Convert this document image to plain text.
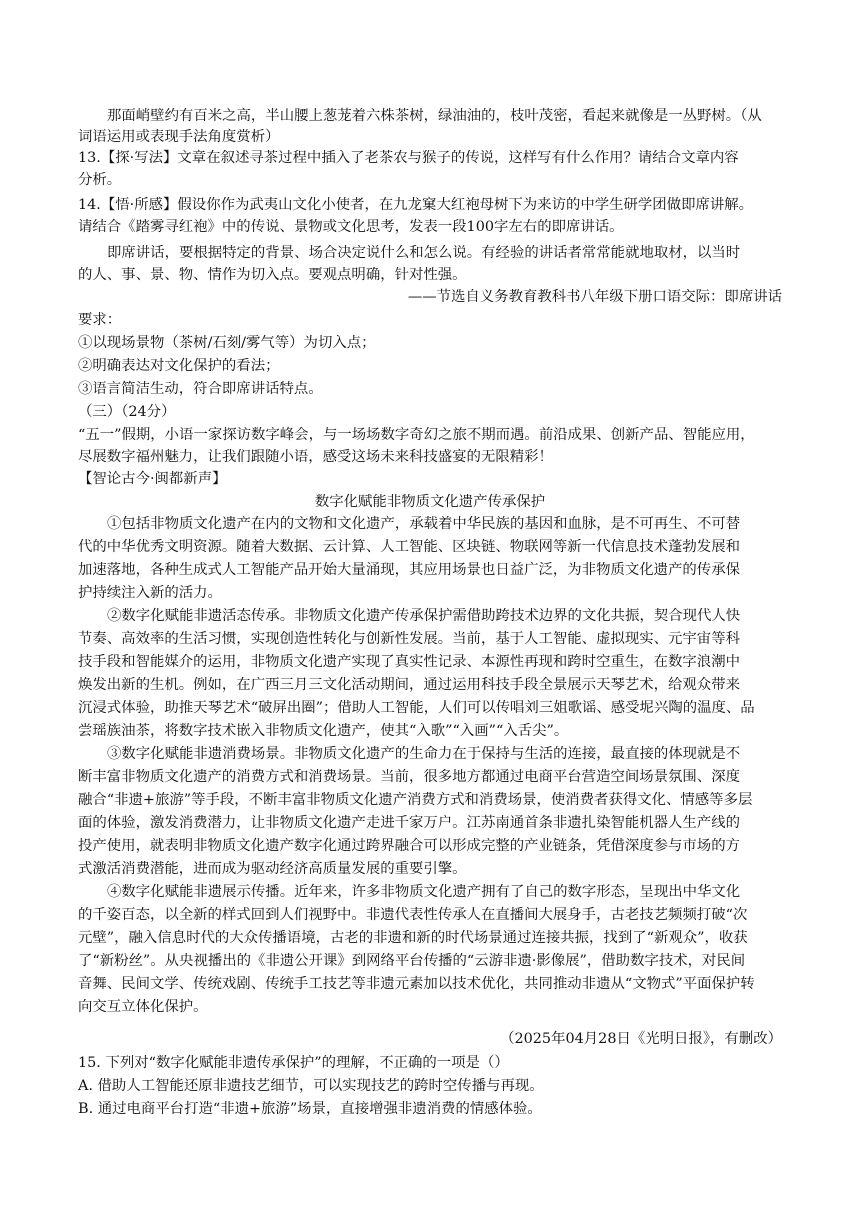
那面峭壁约有百米之高，半山腰上葱茏着六株茶树，绿油油的，枝叶茂密，看起来就像是一丛野树。（从
词语运用或表现手法角度赏析）
13.【探·写法】文章在叙述寻茶过程中插入了老茶农与猴子的传说，这样写有什么作用？请结合文章内容
分析。
14.【悟·所感】假设你作为武夷山文化小使者，在九龙窠大红袍母树下为来访的中学生研学团做即席讲解。
请结合《踏雾寻红袍》中的传说、景物或文化思考，发表一段100字左右的即席讲话。
即席讲话，要根据特定的背景、场合决定说什么和怎么说。有经验的讲话者常常能就地取材，以当时
的人、事、景、物、情作为切入点。要观点明确，针对性强。
——节选自义务教育教科书八年级下册口语交际：即席讲话
要求：
①以现场景物（茶树/石刻/雾气等）为切入点；
②明确表达对文化保护的看法；
③语言简洁生动，符合即席讲话特点。
（三）（24分）
“五一”假期，小语一家探访数字峰会，与一场场数字奇幻之旅不期而遇。前沿成果、创新产品、智能应用，
尽展数字福州魅力，让我们跟随小语，感受这场未来科技盛宴的无限精彩！
【智论古今·闽都新声】
数字化赋能非物质文化遗产传承保护
①包括非物质文化遗产在内的文物和文化遗产，承载着中华民族的基因和血脉，是不可再生、不可替
代的中华优秀文明资源。随着大数据、云计算、人工智能、区块链、物联网等新一代信息技术蓬勃发展和
加速落地，各种生成式人工智能产品开始大量涌现，其应用场景也日益广泛，为非物质文化遗产的传承保
护持续注入新的活力。
②数字化赋能非遗活态传承。非物质文化遗产传承保护需借助跨技术边界的文化共振，契合现代人快
节奏、高效率的生活习惯，实现创造性转化与创新性发展。当前，基于人工智能、虚拟现实、元宇宙等科
技手段和智能媒介的运用，非物质文化遗产实现了真实性记录、本源性再现和跨时空重生，在数字浪潮中
焕发出新的生机。例如，在广西三月三文化活动期间，通过运用科技手段全景展示天琴艺术，给观众带来
沉浸式体验，助推天琴艺术“破屏出圈”；借助人工智能，人们可以传唱刘三姐歌谣、感受坭兴陶的温度、品
尝瑶族油茶，将数字技术嵌入非物质文化遗产，使其“入歌”“入画”“入舌尖”。
③数字化赋能非遗消费场景。非物质文化遗产的生命力在于保持与生活的连接，最直接的体现就是不
断丰富非物质文化遗产的消费方式和消费场景。当前，很多地方都通过电商平台营造空间场景氛围、深度
融合“非遗+旅游”等手段，不断丰富非物质文化遗产消费方式和消费场景，使消费者获得文化、情感等多层
面的体验，激发消费潜力，让非物质文化遗产走进千家万户。江苏南通首条非遗扎染智能机器人生产线的
投产使用，就表明非物质文化遗产数字化通过跨界融合可以形成完整的产业链条，凭借深度参与市场的方
式激活消费潜能，进而成为驱动经济高质量发展的重要引擎。
④数字化赋能非遗展示传播。近年来，许多非物质文化遗产拥有了自己的数字形态，呈现出中华文化
的千姿百态，以全新的样式回到人们视野中。非遗代表性传承人在直播间大展身手，古老技艺频频打破“次
元壁”，融入信息时代的大众传播语境，古老的非遗和新的时代场景通过连接共振，找到了“新观众”，收获
了“新粉丝”。从央视播出的《非遗公开课》到网络平台传播的“云游非遗·影像展”，借助数字技术，对民间
音舞、民间文学、传统戏剧、传统手工技艺等非遗元素加以技术优化，共同推动非遗从“文物式”平面保护转
向交互立体化保护。
（2025年04月28日《光明日报》，有删改）
15. 下列对“数字化赋能非遗传承保护”的理解，不正确的一项是（）
A. 借助人工智能还原非遗技艺细节，可以实现技艺的跨时空传播与再现。
B. 通过电商平台打造“非遗+旅游”场景，直接增强非遗消费的情感体验。
